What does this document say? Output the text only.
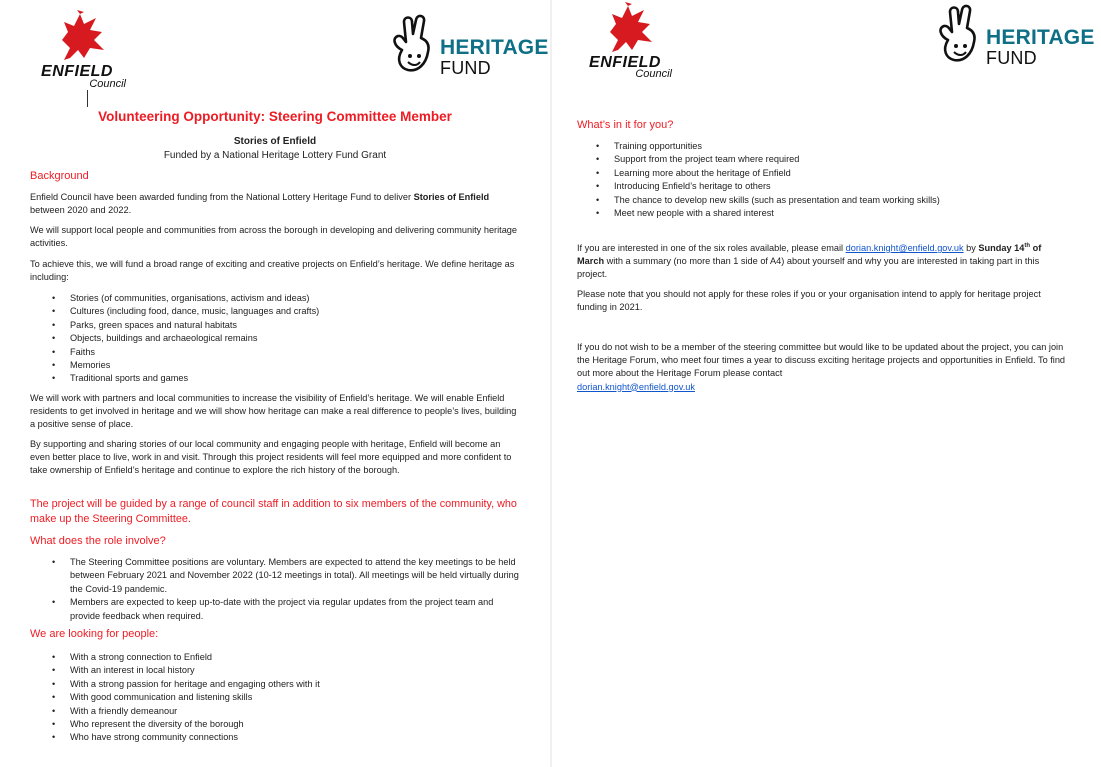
ENFIELD
Council
HERITAGE
FUND
Volunteering Opportunity: Steering Committee Member
Stories of Enfield
Funded by a National Heritage Lottery Fund Grant
Background
Enfield Council have been awarded funding from the National Lottery Heritage Fund to deliver Stories of Enfield between 2020 and 2022.
We will support local people and communities from across the borough in developing and delivering community heritage activities.
To achieve this, we will fund a broad range of exciting and creative projects on Enfield’s heritage. We define heritage as including:
• Stories (of communities, organisations, activism and ideas)
• Cultures (including food, dance, music, languages and crafts)
• Parks, green spaces and natural habitats
• Objects, buildings and archaeological remains
• Faiths
• Memories
• Traditional sports and games
We will work with partners and local communities to increase the visibility of Enfield’s heritage. We will enable Enfield residents to get involved in heritage and we will show how heritage can make a real difference to people’s lives, building a positive sense of place.
By supporting and sharing stories of our local community and engaging people with heritage, Enfield will become an even better place to live, work in and visit. Through this project residents will feel more equipped and more confident to take ownership of Enfield’s heritage and continue to explore the rich history of the borough.
The project will be guided by a range of council staff in addition to six members of the community, who make up the Steering Committee.
What does the role involve?
• The Steering Committee positions are voluntary. Members are expected to attend the key meetings to be held between February 2021 and November 2022 (10-12 meetings in total). All meetings will be held virtually during the Covid-19 pandemic.
• Members are expected to keep up-to-date with the project via regular updates from the project team and provide feedback when required.
We are looking for people:
• With a strong connection to Enfield
• With an interest in local history
• With a strong passion for heritage and engaging others with it
• With good communication and listening skills
• With a friendly demeanour
• Who represent the diversity of the borough
• Who have strong community connections
ENFIELD
Council
HERITAGE
FUND
What’s in it for you?
• Training opportunities
• Support from the project team where required
• Learning more about the heritage of Enfield
• Introducing Enfield’s heritage to others
• The chance to develop new skills (such as presentation and team working skills)
• Meet new people with a shared interest
If you are interested in one of the six roles available, please email dorian.knight@enfield.gov.uk by Sunday 14th of March with a summary (no more than 1 side of A4) about yourself and why you are interested in taking part in this project.
Please note that you should not apply for these roles if you or your organisation intend to apply for heritage project funding in 2021.
If you do not wish to be a member of the steering committee but would like to be updated about the project, you can join the Heritage Forum, who meet four times a year to discuss exciting heritage projects and opportunities in Enfield. To find out more about the Heritage Forum please contact
dorian.knight@enfield.gov.uk
